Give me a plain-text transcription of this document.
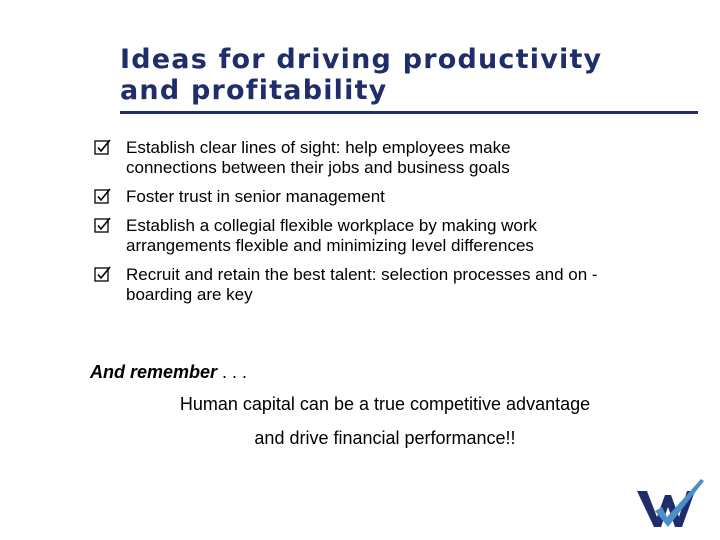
Ideas for driving productivity
and profitability
Establish clear lines of sight: help employees make
connections between their jobs and business goals
Foster trust in senior management
Establish a collegial flexible workplace by making work
arrangements flexible and minimizing level differences
Recruit and retain the best talent: selection processes and on -
boarding are key
And remember . . .
Human capital can be a true competitive advantage
and drive financial performance!!
